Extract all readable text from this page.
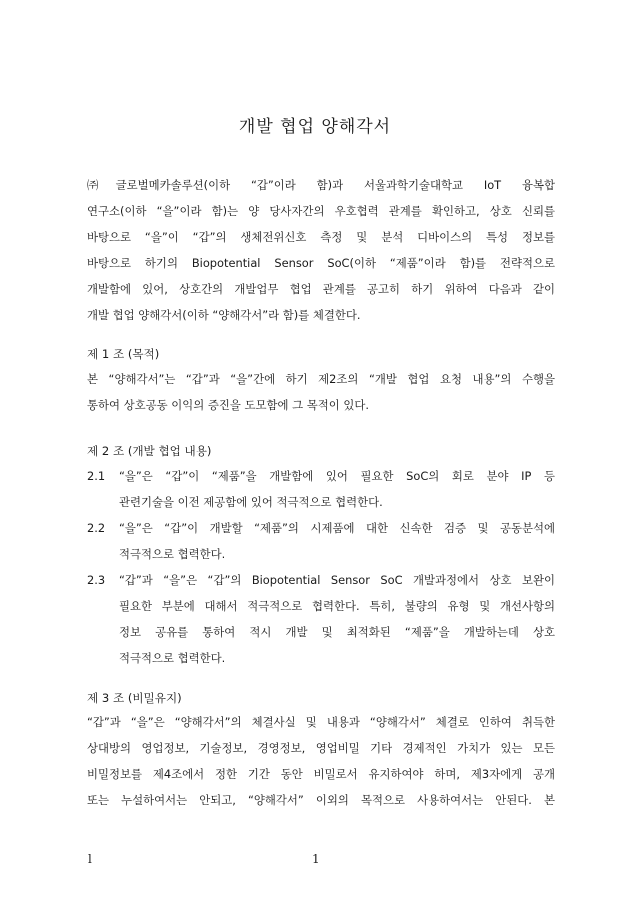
개발 협업 양해각서
㈜글로벌메카솔루션(이하 “갑”이라 함)과 서울과학기술대학교 IoT 융복합
연구소(이하 “을”이라 함)는 양 당사자간의 우호협력 관계를 확인하고, 상호 신뢰를
바탕으로 “을”이 “갑”의 생체전위신호 측정 및 분석 디바이스의 특성 정보를
바탕으로 하기의 Biopotential Sensor SoC(이하 “제품”이라 함)를 전략적으로
개발함에 있어, 상호간의 개발업무 협업 관계를 공고히 하기 위하여 다음과 같이
개발 협업 양해각서(이하 “양해각서”라 함)를 체결한다.
제 1 조 (목적)
본 “양해각서”는 “갑”과 “을”간에 하기 제2조의 “개발 협업 요청 내용”의 수행을
통하여 상호공동 이익의 증진을 도모함에 그 목적이 있다.
제 2 조 (개발 협업 내용)
2.1	“을”은 “갑”이 “제품”을 개발함에 있어 필요한 SoC의 회로 분야 IP 등
관련기술을 이전 제공함에 있어 적극적으로 협력한다.
2.2	“을”은 “갑”이 개발할 “제품”의 시제품에 대한 신속한 검증 및 공동분석에
적극적으로 협력한다.
2.3	“갑”과 “을”은 “갑”의 Biopotential Sensor SoC 개발과정에서 상호 보완이
필요한 부분에 대해서 적극적으로 협력한다. 특히, 불량의 유형 및 개선사항의
정보 공유를 통하여 적시 개발 및 최적화된 “제품”을 개발하는데 상호
적극적으로 협력한다.
제 3 조 (비밀유지)
“갑”과 “을”은 “양해각서”의 체결사실 및 내용과 “양해각서” 체결로 인하여 취득한
상대방의 영업정보, 기술정보, 경영정보, 영업비밀 기타 경제적인 가치가 있는 모든
비밀정보를 제4조에서 정한 기간 동안 비밀로서 유지하여야 하며, 제3자에게 공개
또는 누설하여서는 안되고, “양해각서” 이외의 목적으로 사용하여서는 안된다. 본
l	1
